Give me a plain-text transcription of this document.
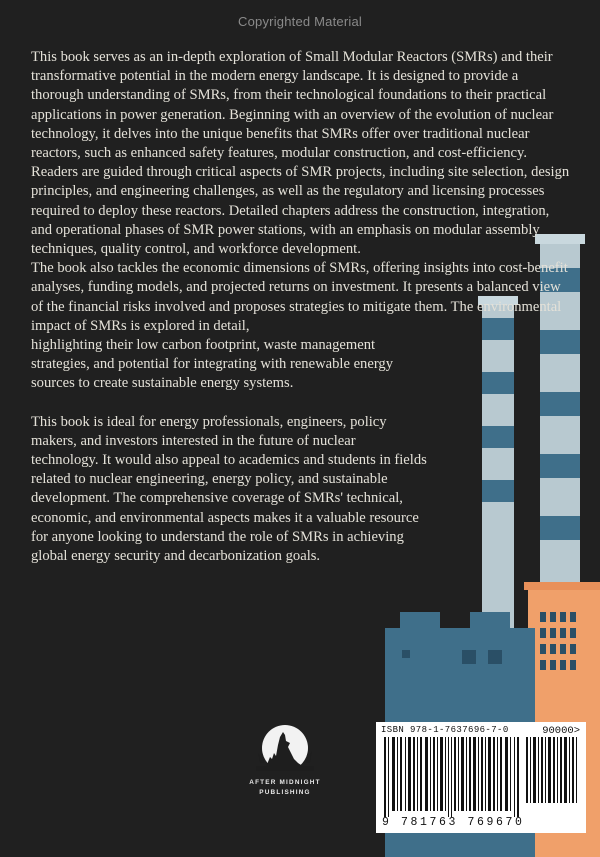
Copyrighted Material

This book serves as an in-depth exploration of Small Modular Reactors (SMRs) and their transformative potential in the modern energy landscape. It is designed to provide a thorough understanding of SMRs, from their technological foundations to their practical applications in power generation. Beginning with an overview of the evolution of nuclear technology, it delves into the unique benefits that SMRs offer over traditional nuclear reactors, such as enhanced safety features, modular construction, and cost-efficiency.

Readers are guided through critical aspects of SMR projects, including site selection, design principles, and engineering challenges, as well as the regulatory and licensing processes required to deploy these reactors. Detailed chapters address the construction, integration, and operational phases of SMR power stations, with an emphasis on modular assembly techniques, quality control, and workforce development.

The book also tackles the economic dimensions of SMRs, offering insights into cost-benefit analyses, funding models, and projected returns on investment. It presents a balanced view of the financial risks involved and proposes strategies to mitigate them. The environmental impact of SMRs is explored in detail,
highlighting their low carbon footprint, waste management
strategies, and potential for integrating with renewable energy
sources to create sustainable energy systems.

This book is ideal for energy professionals, engineers, policy
makers, and investors interested in the future of nuclear
technology. It would also appeal to academics and students in fields
related to nuclear engineering, energy policy, and sustainable
development. The comprehensive coverage of SMRs' technical,
economic, and environmental aspects makes it a valuable resource
for anyone looking to understand the role of SMRs in achieving
global energy security and decarbonization goals.

AFTER MIDNIGHT
PUBLISHING
ISBN 978-1-7637696-7-0	90000>
9 781763 769670
